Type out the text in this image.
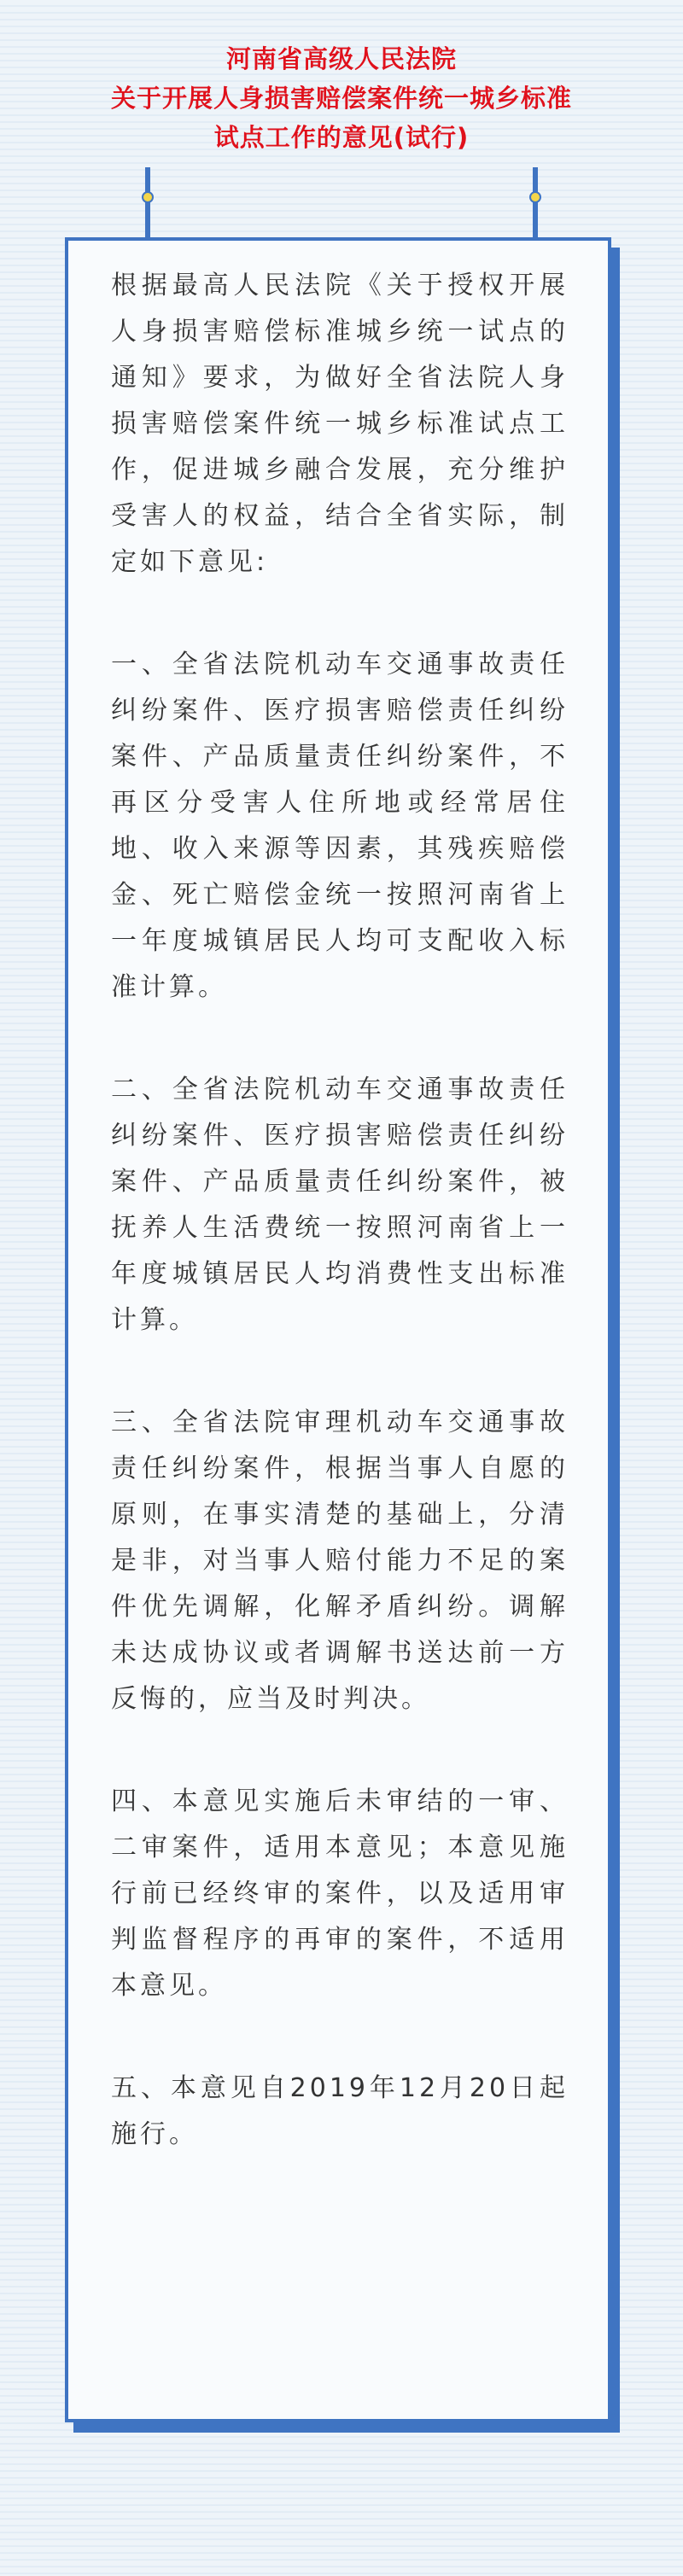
河南省高级人民法院
关于开展人身损害赔偿案件统一城乡标准
试点工作的意见(试行)

根据最高人民法院《关于授权开展人身损害赔偿标准城乡统一试点的通知》要求，为做好全省法院人身损害赔偿案件统一城乡标准试点工作，促进城乡融合发展，充分维护受害人的权益，结合全省实际，制定如下意见:

一、全省法院机动车交通事故责任纠纷案件、医疗损害赔偿责任纠纷案件、产品质量责任纠纷案件，不再区分受害人住所地或经常居住地、收入来源等因素，其残疾赔偿金、死亡赔偿金统一按照河南省上一年度城镇居民人均可支配收入标准计算。

二、全省法院机动车交通事故责任纠纷案件、医疗损害赔偿责任纠纷案件、产品质量责任纠纷案件，被抚养人生活费统一按照河南省上一年度城镇居民人均消费性支出标准计算。

三、全省法院审理机动车交通事故责任纠纷案件，根据当事人自愿的原则，在事实清楚的基础上，分清是非，对当事人赔付能力不足的案件优先调解，化解矛盾纠纷。调解未达成协议或者调解书送达前一方反悔的，应当及时判决。

四、本意见实施后未审结的一审、二审案件，适用本意见；本意见施行前已经终审的案件，以及适用审判监督程序的再审的案件，不适用本意见。

五、本意见自2019年12月20日起施行。
